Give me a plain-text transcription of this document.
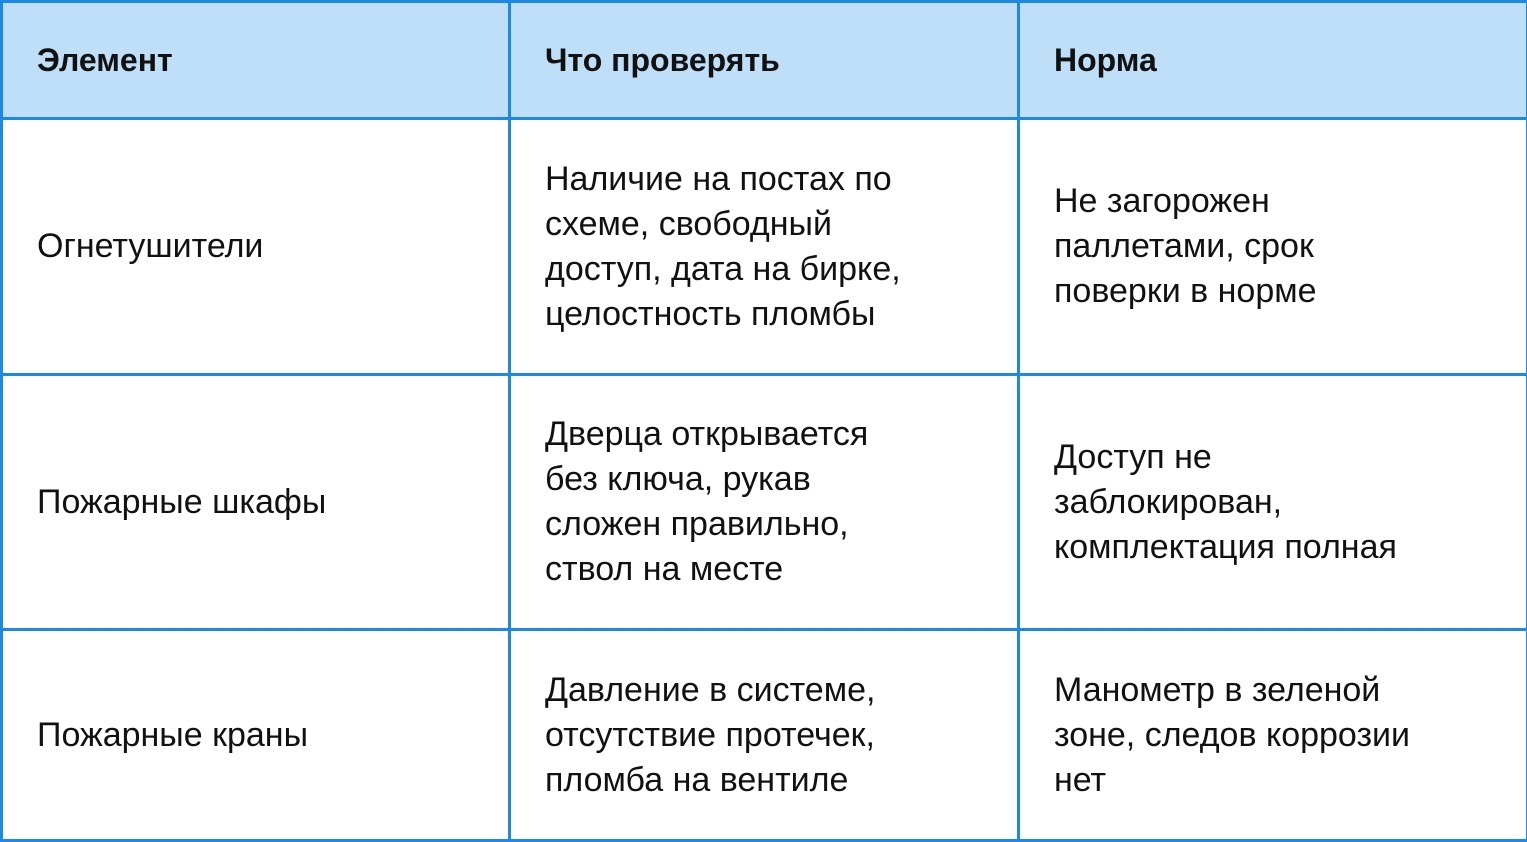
Элемент	Что проверять	Норма

Огнетушители	Наличие на постах по
схеме, свободный
доступ, дата на бирке,
целостность пломбы	Не загорожен
паллетами, срок
поверки в норме

Пожарные шкафы	Дверца открывается
без ключа, рукав
сложен правильно,
ствол на месте	Доступ не
заблокирован,
комплектация полная

Пожарные краны	Давление в системе,
отсутствие протечек,
пломба на вентиле	Манометр в зеленой
зоне, следов коррозии
нет
